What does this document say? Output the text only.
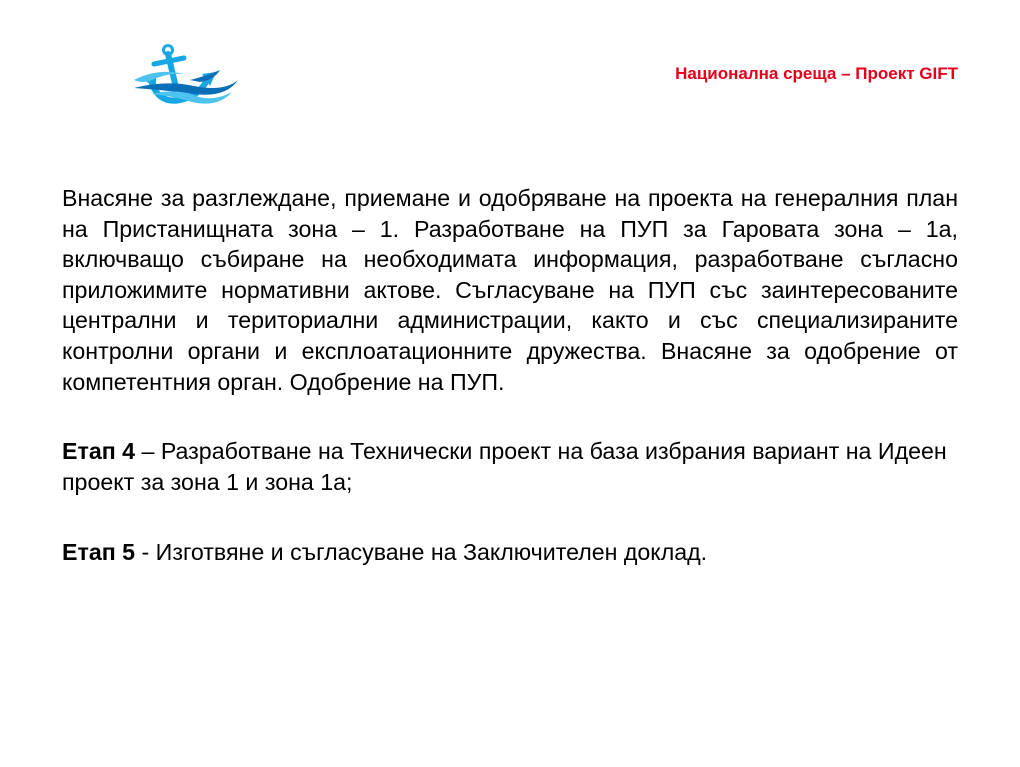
Национална среща – Проект GIFT

Внасяне за разглеждане, приемане и одобряване на проекта на генералния план на Пристанищната зона – 1. Разработване на ПУП за Гаровата зона – 1а, включващо събиране на необходимата информация, разработване съгласно приложимите нормативни актове. Съгласуване на ПУП със заинтересованите централни и териториални администрации, както и със специализираните контролни органи и експлоатационните дружества. Внасяне за одобрение от компетентния орган. Одобрение на ПУП.

Етап 4 – Разработване на Технически проект на база избрания вариант на Идеен проект за зона 1 и зона 1а;

Етап 5 - Изготвяне и съгласуване на Заключителен доклад.
